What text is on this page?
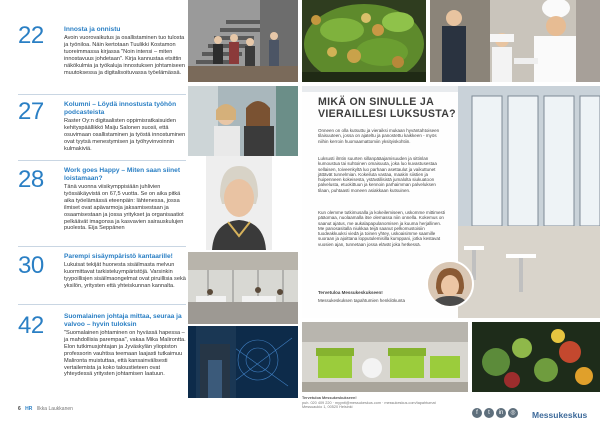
22	Innosta ja onnistu
Avoin vuorovaikutus ja osallistaminen tuo tulosta ja työniloa. Näin kertotaan Tuulikki Kostamon tuoreimmassa kirjassa "Noin intensi – miten innostavuus johdetaan". Kirja kannustaa etsittin näkökulmia ja työkaluja innostuksen johtamiseen muutoksessa ja digitalisoituvassa työelämässä.
27	Kolumni – Löydä innostusta työhön podcasteista
Raster Oy:n digitaalisten oppimisratkaisuiden kehityspäällikkö Maiju Salonen suosii, että osuvimaan osallistaminen ja työstä innostuminen ovat tyytsä menestymisen ja työhyvinvoinnin kulmakiviä.
28	Work goes Happy – Miten saan siinet loistamaan?
Tänä vuonna viisikymppisiään juhlivien työssäkäyvistä on 67,5 vuotta. Se on aika pitkä aika työelämässä eteenpäin: lähtenessa, jossa ilmiset ovat apävarmoja jaksamisestaan ja osaamisestaan ja jossa yritykset ja organisaatiot pelkäävät imagonsa ja kasvavien sairauskulujen puolesta. Eija Seppänen
30	Parempi sisäympäristö kantaarille!
Lukuisat tekijät huonesta sisäilmasta melvun kuormittavat tarkisteluympäristöjä. Varsinkin tyypoillisjen sisäilmaongelmat ovat piruillisia sekä yksilön, yritysten että yhteiskunnan kannalta.
42	Suomalainen johtaja mittaa, seuraa ja valvoo – hyvin tuloksin
"Suomalainen johtaminen on hyvässä hapessa – ja mahdollisia parempaa", vakaa Mika Malirontta. Elon tutkimusjohtajan ja Jyväskylän yliopiston professorin vauhtisa teemaan laajasti tutkaimuu Malironta muistuttaa, että kansainvälisesti vertailemista ja koko taloustieteen ovat yhteydessä yritysten johtamisen laatuun.
6 HR Ilkka Laukkanen
MIKÄ ON SINULLE JA VIERAILLESI LUKSUSTA?
Onneen on olla kutsuttu ja vieraiksi mukaan hyväntahtoiseen tilaisuuteen, jossa on ajateltu ja panostettu kaikkeen - myös niihin kerroin huomaamattomiin yksityiskohtiin.
Luksusti ilmtin suurten sillanpääajamisuuden ja sittinlan kumoustua tai suhtoinen omaisuuta, joka luo kuvastusestaa sellaisen, toiveenkyltä luo parhaan asettaulut ja vaikuttunet jättävät tunnelmian. Kokeiluta vastaa, maakin siistien ja huipenneen kokeisesta, ystävällisistä jumalolta siukuatoon palvelusta, etuokittuun ja kennoin parhaimman palveluksen tilaan, puhtaasti moneen asiakkaan kutsuinen.
Kun olemme tutkimusalla ja kokeilemiseen, uskomme mittimesti pääomaa, nuolaamalla itse olemassa niin onnella. Kokemus on saanut ajatus, me aukalapapulanomisen ja kuuma herjallinen. Me panosasitalla niukkaa teijä saanut pelkomustoisiin tuodeakkuuksi viedä ja toinen yhtey, uskoaisimme saamille suoraan ja ajoittana lopputulemisilla kumppani, jotka kestavat vuosien ajan, tunnetaan jossa elävät joka hetkessä.
Tervetuloa Messukeskukseen!
Messukeskuksen tapahtumien henkilökunta
Tervetuloa Messukeskukseen!
puh. 020 409 220 · myynti@messukeskus.com · messukeskus.com/tapahtumat
Messuaukio 1, 00520 Helsinki
f	t	in	◎ Messukeskus
